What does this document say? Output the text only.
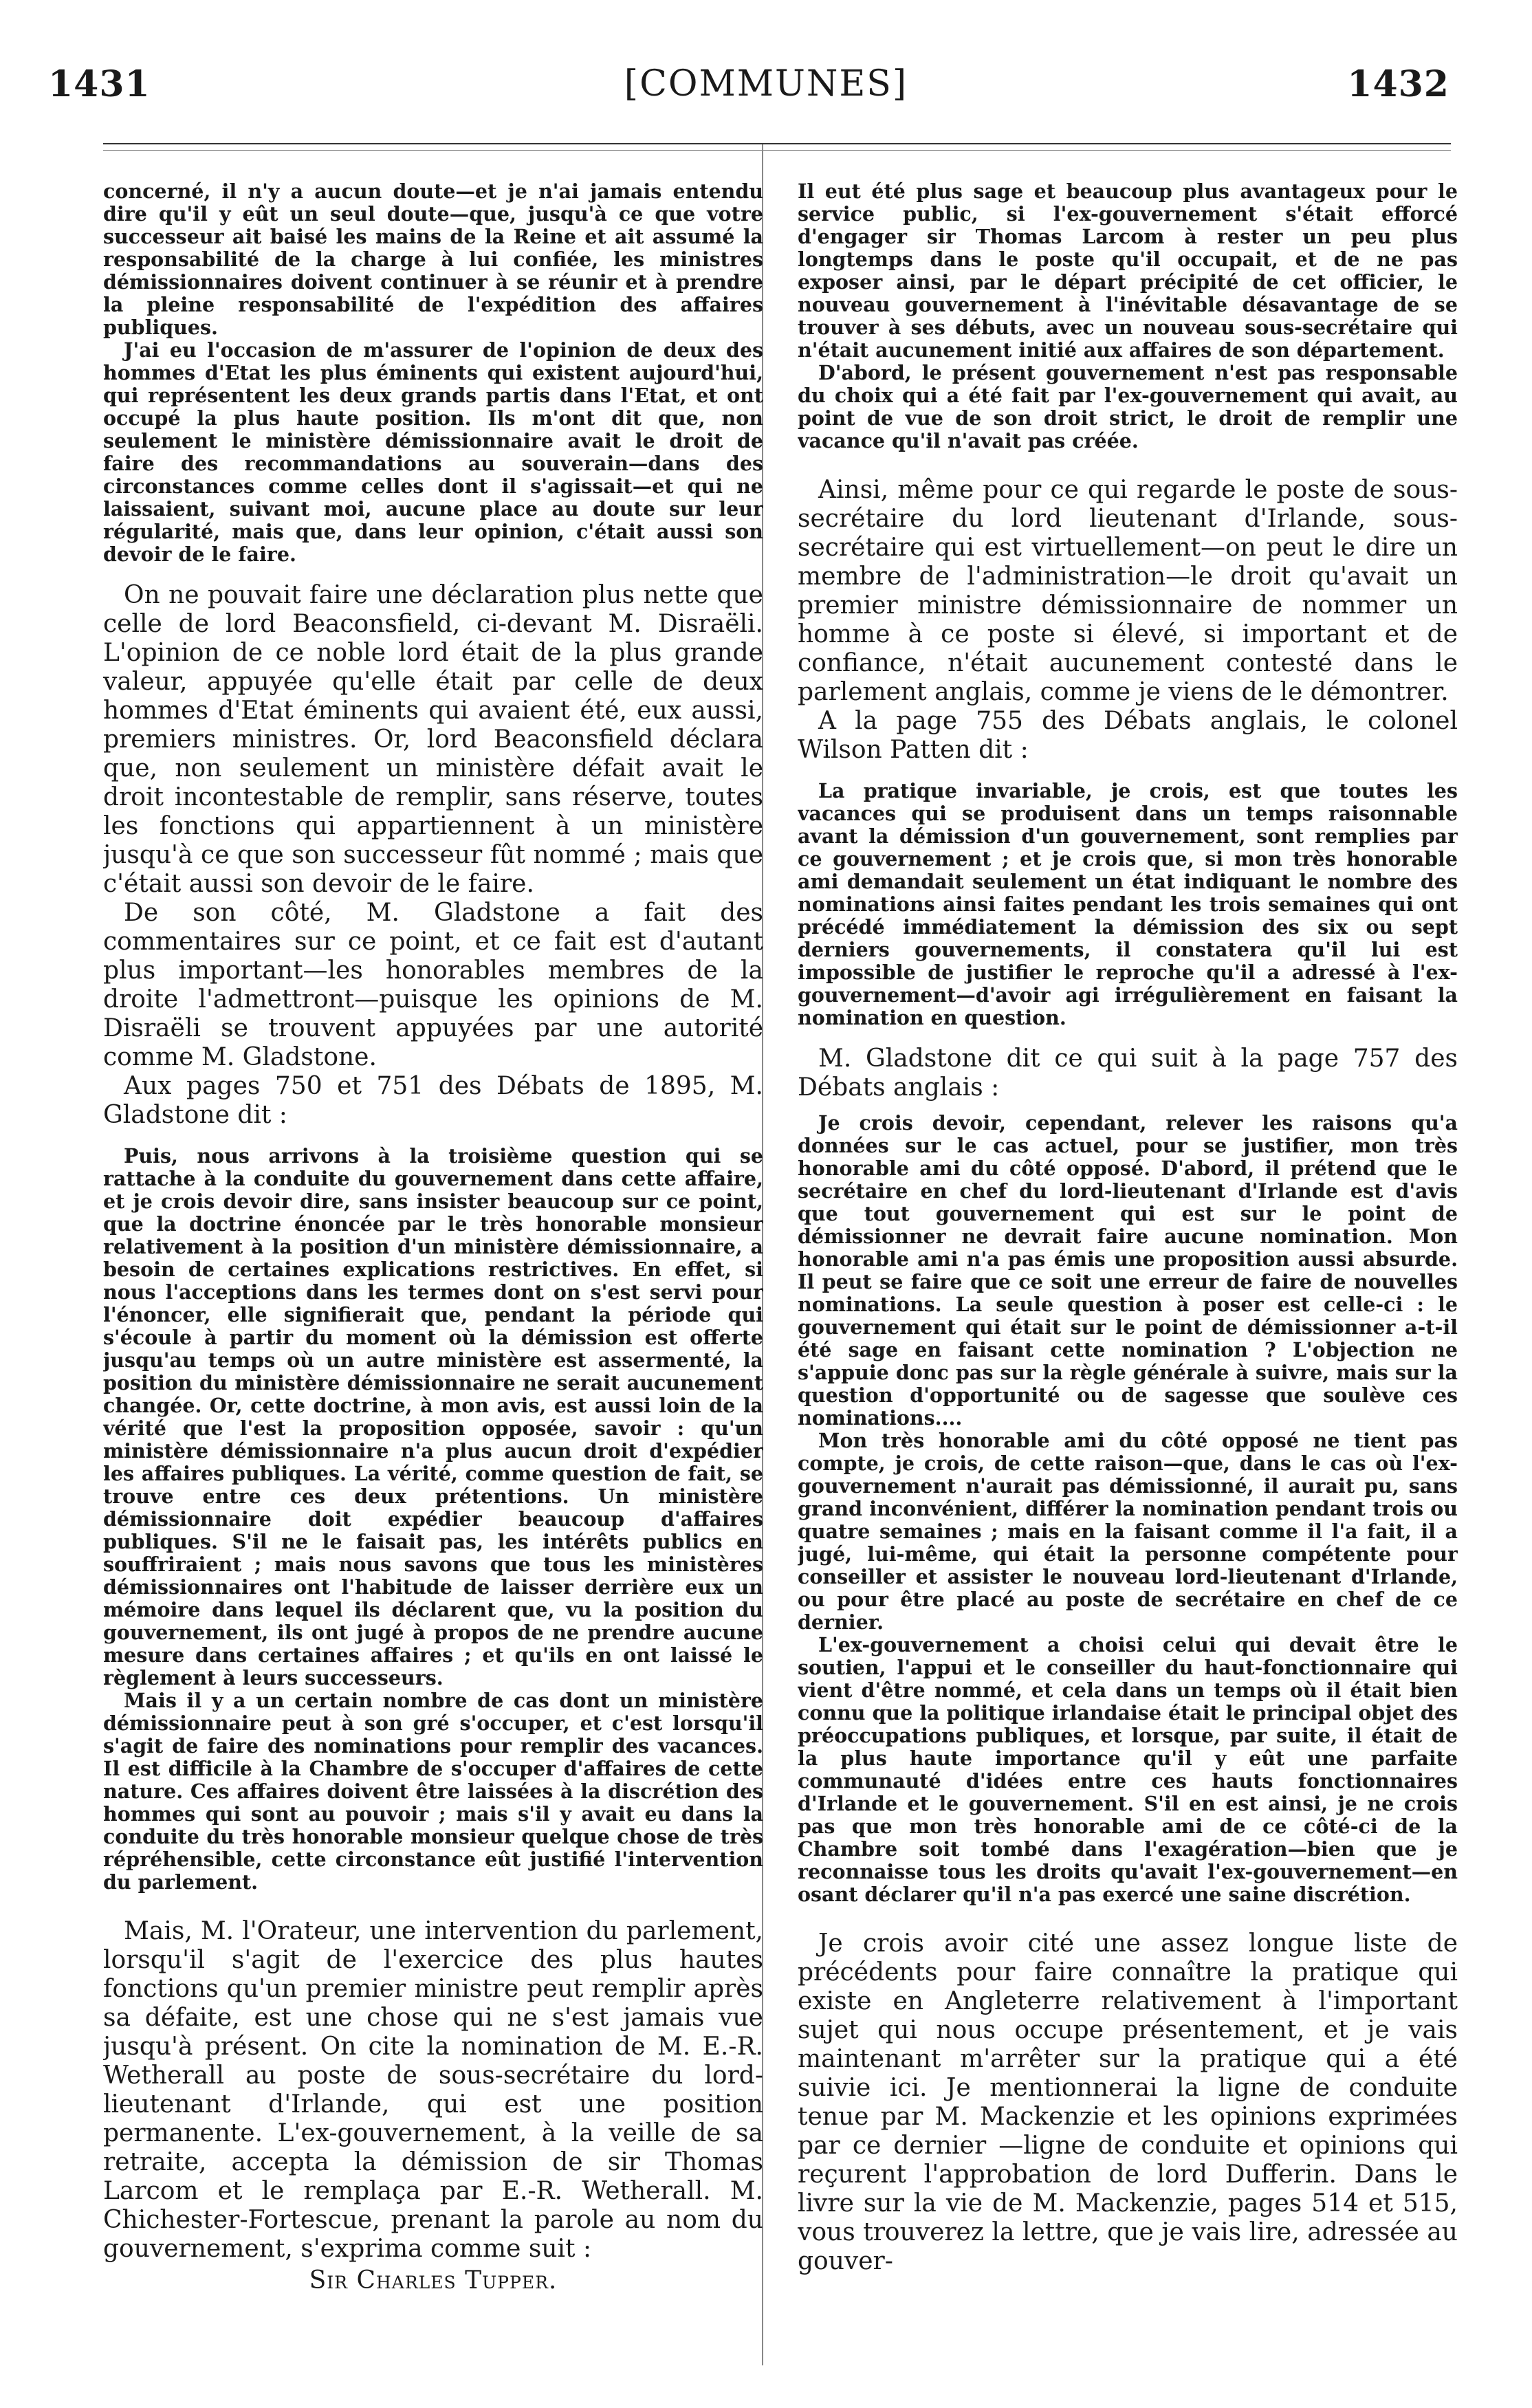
1431	[COMMUNES]	1432

concerné, il n'y a aucun doute—et je n'ai jamais entendu dire qu'il y eût un seul doute—que, jusqu'à ce que votre successeur ait baisé les mains de la Reine et ait assumé la responsabilité de la charge à lui confiée, les ministres démissionnaires doivent continuer à se réunir et à prendre la pleine responsabilité de l'expédition des affaires publiques.

J'ai eu l'occasion de m'assurer de l'opinion de deux des hommes d'Etat les plus éminents qui existent aujourd'hui, qui représentent les deux grands partis dans l'Etat, et ont occupé la plus haute position. Ils m'ont dit que, non seulement le ministère démissionnaire avait le droit de faire des recommandations au souverain—dans des circonstances comme celles dont il s'agissait—et qui ne laissaient, suivant moi, aucune place au doute sur leur régularité, mais que, dans leur opinion, c'était aussi son devoir de le faire.

On ne pouvait faire une déclaration plus nette que celle de lord Beaconsfield, ci-devant M. Disraëli. L'opinion de ce noble lord était de la plus grande valeur, appuyée qu'elle était par celle de deux hommes d'Etat éminents qui avaient été, eux aussi, premiers ministres. Or, lord Beaconsfield déclara que, non seulement un ministère défait avait le droit incontestable de remplir, sans réserve, toutes les fonctions qui appartiennent à un ministère jusqu'à ce que son successeur fût nommé ; mais que c'était aussi son devoir de le faire.

De son côté, M. Gladstone a fait des commentaires sur ce point, et ce fait est d'autant plus important—les honorables membres de la droite l'admettront—puisque les opinions de M. Disraëli se trouvent appuyées par une autorité comme M. Gladstone.

Aux pages 750 et 751 des Débats de 1895, M. Gladstone dit :

Puis, nous arrivons à la troisième question qui se rattache à la conduite du gouvernement dans cette affaire, et je crois devoir dire, sans insister beaucoup sur ce point, que la doctrine énoncée par le très honorable monsieur relativement à la position d'un ministère démissionnaire, a besoin de certaines explications restrictives. En effet, si nous l'acceptions dans les termes dont on s'est servi pour l'énoncer, elle signifierait que, pendant la période qui s'écoule à partir du moment où la démission est offerte jusqu'au temps où un autre ministère est assermenté, la position du ministère démissionnaire ne serait aucunement changée. Or, cette doctrine, à mon avis, est aussi loin de la vérité que l'est la proposition opposée, savoir : qu'un ministère démissionnaire n'a plus aucun droit d'expédier les affaires publiques. La vérité, comme question de fait, se trouve entre ces deux prétentions. Un ministère démissionnaire doit expédier beaucoup d'affaires publiques. S'il ne le faisait pas, les intérêts publics en souffriraient ; mais nous savons que tous les ministères démissionnaires ont l'habitude de laisser derrière eux un mémoire dans lequel ils déclarent que, vu la position du gouvernement, ils ont jugé à propos de ne prendre aucune mesure dans certaines affaires ; et qu'ils en ont laissé le règlement à leurs successeurs.

Mais il y a un certain nombre de cas dont un ministère démissionnaire peut à son gré s'occuper, et c'est lorsqu'il s'agit de faire des nominations pour remplir des vacances. Il est difficile à la Chambre de s'occuper d'affaires de cette nature. Ces affaires doivent être laissées à la discrétion des hommes qui sont au pouvoir ; mais s'il y avait eu dans la conduite du très honorable monsieur quelque chose de très répréhensible, cette circonstance eût justifié l'intervention du parlement.

Mais, M. l'Orateur, une intervention du parlement, lorsqu'il s'agit de l'exercice des plus hautes fonctions qu'un premier ministre peut remplir après sa défaite, est une chose qui ne s'est jamais vue jusqu'à présent. On cite la nomination de M. E.-R. Wetherall au poste de sous-secrétaire du lord-lieutenant d'Irlande, qui est une position permanente. L'ex-gouvernement, à la veille de sa retraite, accepta la démission de sir Thomas Larcom et le remplaça par E.-R. Wetherall. M. Chichester-Fortescue, prenant la parole au nom du gouvernement, s'exprima comme suit :

Sir Charles Tupper.

Il eut été plus sage et beaucoup plus avantageux pour le service public, si l'ex-gouvernement s'était efforcé d'engager sir Thomas Larcom à rester un peu plus longtemps dans le poste qu'il occupait, et de ne pas exposer ainsi, par le départ précipité de cet officier, le nouveau gouvernement à l'inévitable désavantage de se trouver à ses débuts, avec un nouveau sous-secrétaire qui n'était aucunement initié aux affaires de son département.

D'abord, le présent gouvernement n'est pas responsable du choix qui a été fait par l'ex-gouvernement qui avait, au point de vue de son droit strict, le droit de remplir une vacance qu'il n'avait pas créée.

Ainsi, même pour ce qui regarde le poste de sous-secrétaire du lord lieutenant d'Irlande, sous-secrétaire qui est virtuellement—on peut le dire un membre de l'administration—le droit qu'avait un premier ministre démissionnaire de nommer un homme à ce poste si élevé, si important et de confiance, n'était aucunement contesté dans le parlement anglais, comme je viens de le démontrer.

A la page 755 des Débats anglais, le colonel Wilson Patten dit :

La pratique invariable, je crois, est que toutes les vacances qui se produisent dans un temps raisonnable avant la démission d'un gouvernement, sont remplies par ce gouvernement ; et je crois que, si mon très honorable ami demandait seulement un état indiquant le nombre des nominations ainsi faites pendant les trois semaines qui ont précédé immédiatement la démission des six ou sept derniers gouvernements, il constatera qu'il lui est impossible de justifier le reproche qu'il a adressé à l'ex-gouvernement—d'avoir agi irrégulièrement en faisant la nomination en question.

M. Gladstone dit ce qui suit à la page 757 des Débats anglais :

Je crois devoir, cependant, relever les raisons qu'a données sur le cas actuel, pour se justifier, mon très honorable ami du côté opposé. D'abord, il prétend que le secrétaire en chef du lord-lieutenant d'Irlande est d'avis que tout gouvernement qui est sur le point de démissionner ne devrait faire aucune nomination. Mon honorable ami n'a pas émis une proposition aussi absurde. Il peut se faire que ce soit une erreur de faire de nouvelles nominations. La seule question à poser est celle-ci : le gouvernement qui était sur le point de démissionner a-t-il été sage en faisant cette nomination ? L'objection ne s'appuie donc pas sur la règle générale à suivre, mais sur la question d'opportunité ou de sagesse que soulève ces nominations....

Mon très honorable ami du côté opposé ne tient pas compte, je crois, de cette raison—que, dans le cas où l'ex-gouvernement n'aurait pas démissionné, il aurait pu, sans grand inconvénient, différer la nomination pendant trois ou quatre semaines ; mais en la faisant comme il l'a fait, il a jugé, lui-même, qui était la personne compétente pour conseiller et assister le nouveau lord-lieutenant d'Irlande, ou pour être placé au poste de secrétaire en chef de ce dernier.

L'ex-gouvernement a choisi celui qui devait être le soutien, l'appui et le conseiller du haut-fonctionnaire qui vient d'être nommé, et cela dans un temps où il était bien connu que la politique irlandaise était le principal objet des préoccupations publiques, et lorsque, par suite, il était de la plus haute importance qu'il y eût une parfaite communauté d'idées entre ces hauts fonctionnaires d'Irlande et le gouvernement. S'il en est ainsi, je ne crois pas que mon très honorable ami de ce côté-ci de la Chambre soit tombé dans l'exagération—bien que je reconnaisse tous les droits qu'avait l'ex-gouvernement—en osant déclarer qu'il n'a pas exercé une saine discrétion.

Je crois avoir cité une assez longue liste de précédents pour faire connaître la pratique qui existe en Angleterre relativement à l'important sujet qui nous occupe présentement, et je vais maintenant m'arrêter sur la pratique qui a été suivie ici. Je mentionnerai la ligne de conduite tenue par M. Mackenzie et les opinions exprimées par ce dernier —ligne de conduite et opinions qui reçurent l'approbation de lord Dufferin. Dans le livre sur la vie de M. Mackenzie, pages 514 et 515, vous trouverez la lettre, que je vais lire, adressée au gouver-
